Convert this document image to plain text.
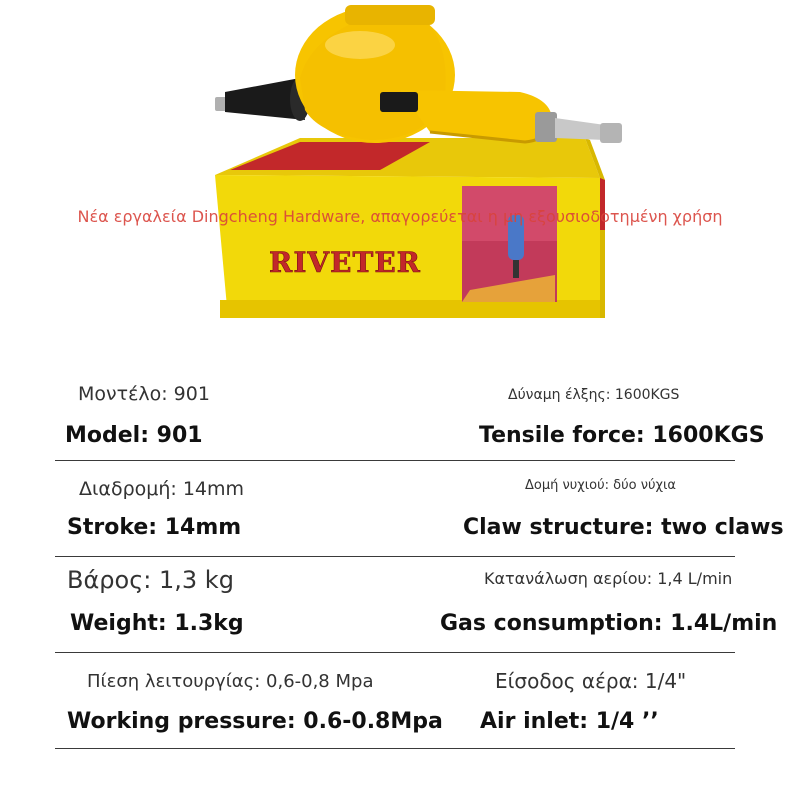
RIVETER
Νέα εργαλεία Dingcheng Hardware, απαγορεύεται η μη εξουσιοδοτημένη χρήση
Μοντέλο: 901	Δύναμη έλξης: 1600KGS
Model: 901	Tensile force: 1600KGS
Διαδρομή: 14mm	Δομή νυχιού: δύο νύχια
Stroke: 14mm	Claw structure: two claws
Βάρος: 1,3 kg	Κατανάλωση αερίου: 1,4 L/min
Weight: 1.3kg	Gas consumption: 1.4L/min
Πίεση λειτουργίας: 0,6-0,8 Mpa	Είσοδος αέρα: 1/4"
Working pressure: 0.6-0.8Mpa Air inlet: 1/4 ’’
